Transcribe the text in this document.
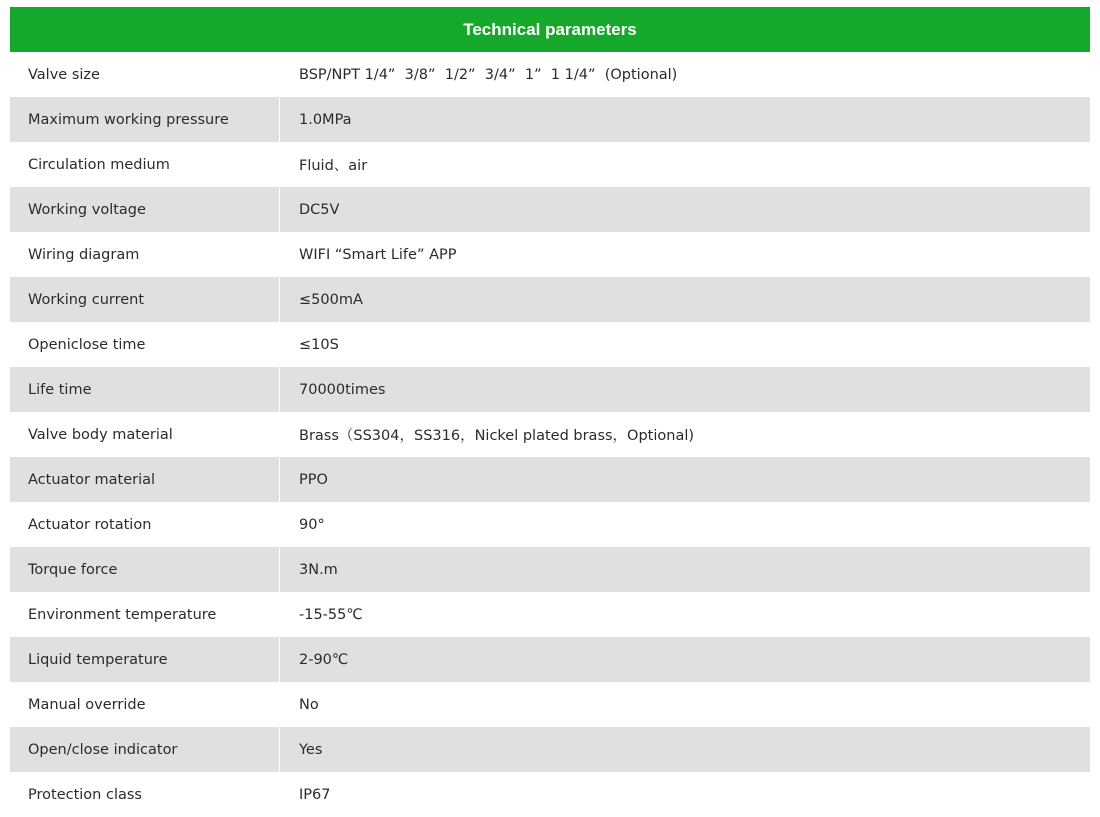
Technical parameters
Valve size	BSP/NPT 1/4”  3/8”  1/2”  3/4”  1”  1 1/4”  (Optional)
Maximum working pressure	1.0MPa
Circulation medium	Fluid、air
Working voltage	DC5V
Wiring diagram	WIFI “Smart Life” APP
Working current	≤500mA
Openiclose time	≤10S
Life time	70000times
Valve body material	Brass（SS304，SS316，Nickel plated brass，Optional)
Actuator material	PPO
Actuator rotation	90°
Torque force	3N.m
Environment temperature	-15-55℃
Liquid temperature	2-90℃
Manual override	No
Open/close indicator	Yes
Protection class	IP67
